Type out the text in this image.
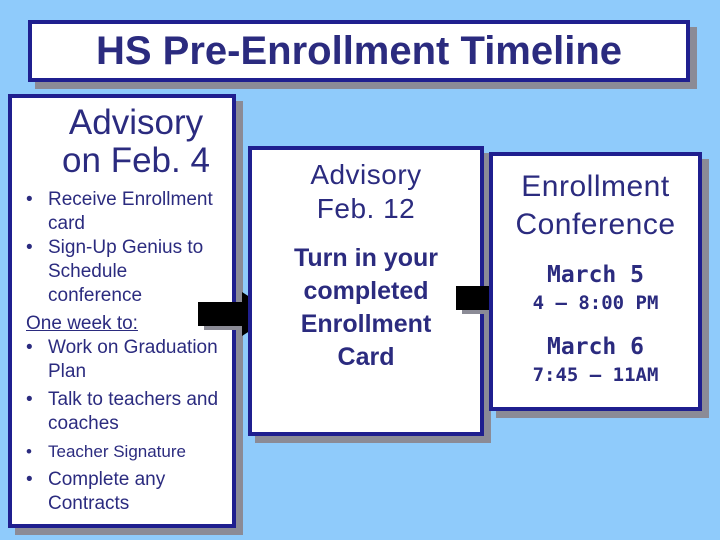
HS Pre-Enrollment Timeline
Advisory
on Feb. 4
• Receive Enrollment card
• Sign-Up Genius to Schedule conference
One week to:
• Work on Graduation Plan
• Talk to teachers and coaches
• Teacher Signature
• Complete any Contracts
Advisory
Feb. 12
Turn in your
completed
Enrollment
Card
Enrollment
Conference
March 5
4 – 8:00 PM
March 6
7:45 – 11AM
